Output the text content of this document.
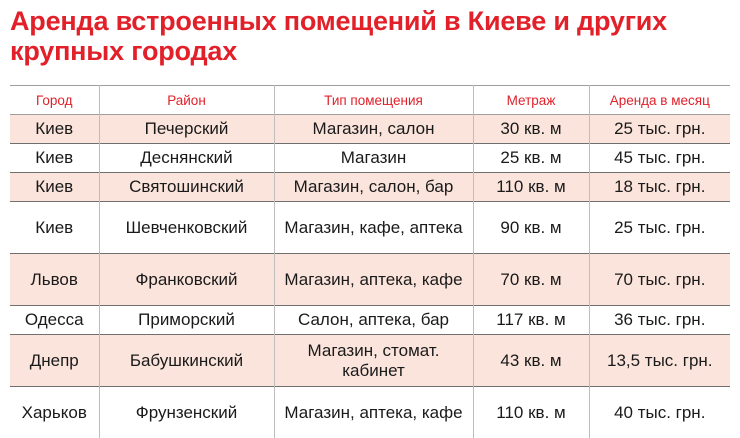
Аренда встроенных помещений в Киеве и других крупных городах
Город	Район	Тип помещения	Метраж	Аренда в месяц
Киев	Печерский	Магазин, салон	30 кв. м	25 тыс. грн.
Киев	Деснянский	Магазин	25 кв. м	45 тыс. грн.
Киев	Святошинский	Магазин, салон, бар	110 кв. м	18 тыс. грн.
Киев	Шевченковский	Магазин, кафе, аптека	90 кв. м	25 тыс. грн.
Львов	Франковский	Магазин, аптека, кафе	70 кв. м	70 тыс. грн.
Одесса	Приморский	Салон, аптека, бар	117 кв. м	36 тыс. грн.
Днепр	Бабушкинский	Магазин, стомат. кабинет	43 кв. м	13,5 тыс. грн.
Харьков	Фрунзенский	Магазин, аптека, кафе	110 кв. м	40 тыс. грн.
